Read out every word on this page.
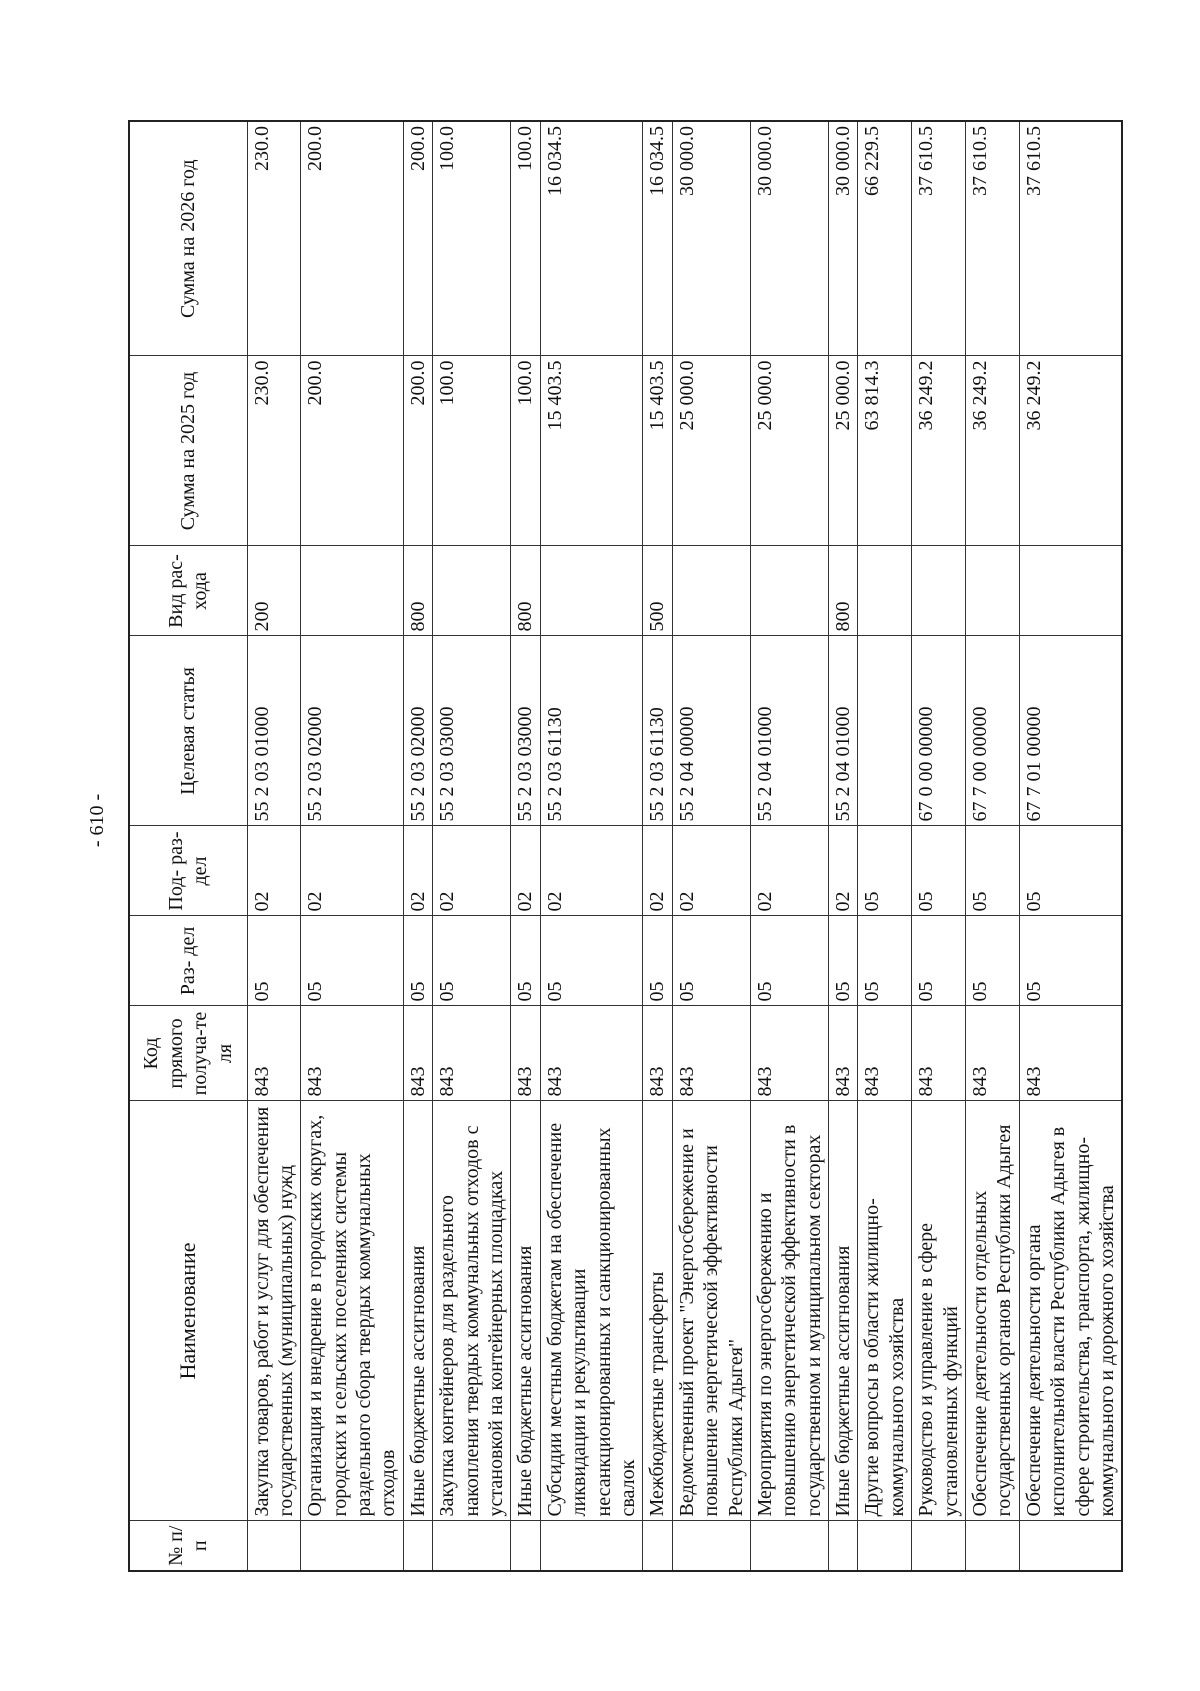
- 610 -
№ п/п	Наименование	Код прямого получа-те ля	Раз- дел	Под- раз- дел	Целевая статья	Вид рас- хода	Сумма на 2025 год	Сумма на 2026 год
	Закупка товаров, работ и услуг для обеспечения государственных (муниципальных) нужд	843	05	02	55 2 03 01000	200	230.0	230.0
	Организация и внедрение в городских округах, городских и сельских поселениях системы раздельного сбора твердых коммунальных отходов	843	05	02	55 2 03 02000		200.0	200.0
	Иные бюджетные ассигнования	843	05	02	55 2 03 02000	800	200.0	200.0
	Закупка контейнеров для раздельного накопления твердых коммунальных отходов с установкой на контейнерных площадках	843	05	02	55 2 03 03000		100.0	100.0
	Иные бюджетные ассигнования	843	05	02	55 2 03 03000	800	100.0	100.0
	Субсидии местным бюджетам на обеспечение ликвидации и рекультивации несанкционированных и санкционированных свалок	843	05	02	55 2 03 61130		15 403.5	16 034.5
	Межбюджетные трансферты	843	05	02	55 2 03 61130	500	15 403.5	16 034.5
	Ведомственный проект "Энергосбережение и повышение энергетической эффективности Республики Адыгея"	843	05	02	55 2 04 00000		25 000.0	30 000.0
	Мероприятия по энергосбережению и повышению энергетической эффективности в государственном и муниципальном секторах	843	05	02	55 2 04 01000		25 000.0	30 000.0
	Иные бюджетные ассигнования	843	05	02	55 2 04 01000	800	25 000.0	30 000.0
	Другие вопросы в области жилищно-коммунального хозяйства	843	05	05			63 814.3	66 229.5
	Руководство и управление в сфере установленных функций	843	05	05	67 0 00 00000		36 249.2	37 610.5
	Обеспечение деятельности отдельных государственных органов Республики Адыгея	843	05	05	67 7 00 00000		36 249.2	37 610.5
	Обеспечение деятельности органа исполнительной власти Республики Адыгея в сфере строительства, транспорта, жилищно-коммунального и дорожного хозяйства	843	05	05	67 7 01 00000		36 249.2	37 610.5
